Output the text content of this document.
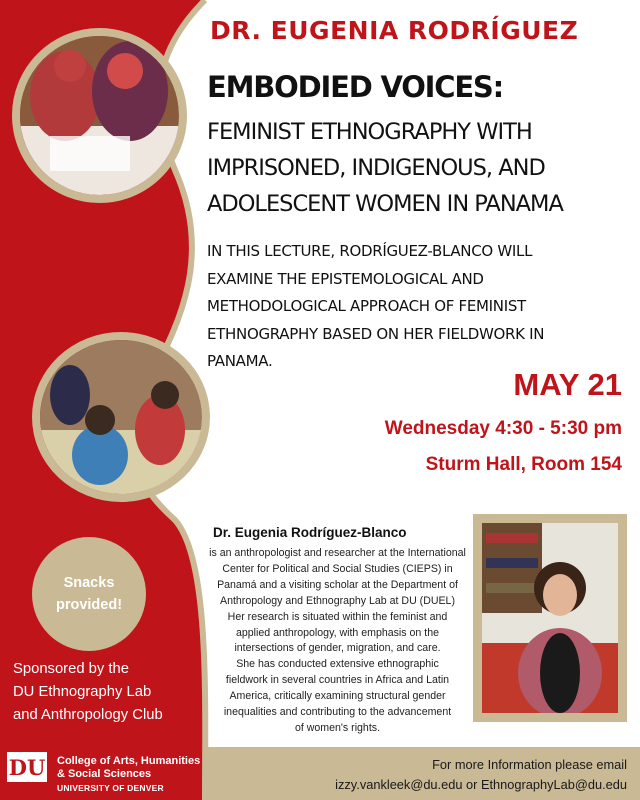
DR. EUGENIA RODRÍGUEZ
EMBODIED VOICES:
FEMINIST ETHNOGRAPHY WITH
IMPRISONED, INDIGENOUS, AND
ADOLESCENT WOMEN IN PANAMA
IN THIS LECTURE, RODRÍGUEZ-BLANCO WILL
EXAMINE THE EPISTEMOLOGICAL AND
METHODOLOGICAL APPROACH OF FEMINIST
ETHNOGRAPHY BASED ON HER FIELDWORK IN
PANAMA.
MAY 21
Wednesday 4:30 - 5:30 pm
Sturm Hall, Room 154
Dr. Eugenia Rodríguez-Blanco
is an anthropologist and researcher at the International
Center for Political and Social Studies (CIEPS) in
Panamá and a visiting scholar at the Department of
Anthropology and Ethnography Lab at DU (DUEL)
Her research is situated within the feminist and
applied anthropology, with emphasis on the
intersections of gender, migration, and care.
She has conducted extensive ethnographic
fieldwork in several countries in Africa and Latin
America, critically examining structural gender
inequalities and contributing to the advancement
of women's rights.
Snacks
provided!
Sponsored by the
DU Ethnography Lab
and Anthropology Club
DU College of Arts, Humanities
& Social Sciences
UNIVERSITY OF DENVER
For more Information please email
izzy.vankleek@du.edu or EthnographyLab@du.edu
